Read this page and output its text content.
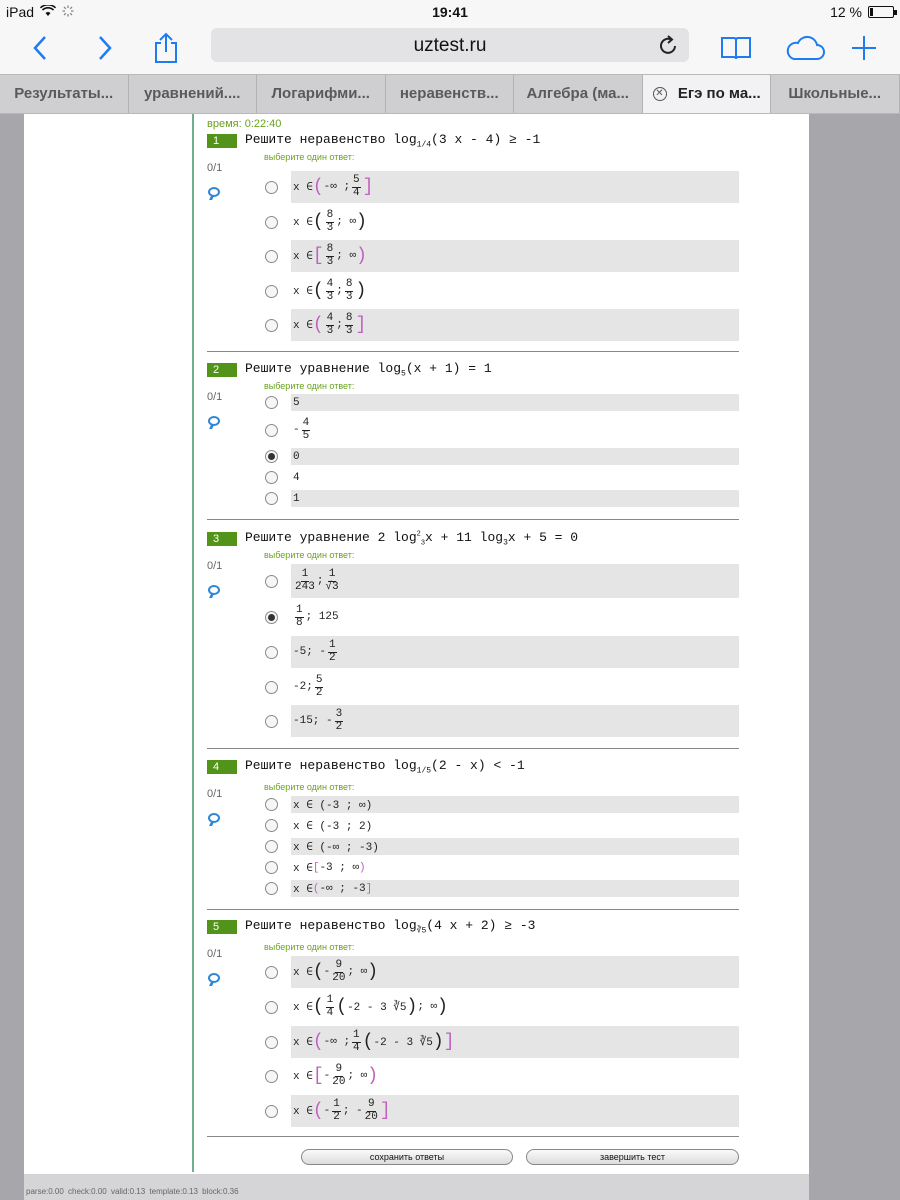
iPad	19:41	12 %
uztest.ru
Результаты...	уравнений....	Логарифми...	неравенств...	Алгебра (ма...	✕ Егэ по ма...	Школьные...
время: 0:22:40
1	Решите неравенство $\log_{1/4}(3$ x - 4) ≥ -1
выберите один ответ:
0/1
x ∈ ( -∞ ; $\frac{5}{4}$ ]
x ∈ ( $\frac{8}{3}$ ; ∞ )
x ∈ [ $\frac{8}{3}$ ; ∞ )
x ∈ ( $\frac{4}{3}$ ; $\frac{8}{3}$ )
x ∈ ( $\frac{4}{3}$ ; $\frac{8}{3}$ ]
2	Решите уравнение $\log_5(x + 1) = 1$
выберите один ответ:
0/1	5
- $\frac{4}{5}$
0
4
1
3	Решите уравнение 2 $\log^2_3x + 11$ $\log_3x + 5 = 0$
выберите один ответ:
0/1
$\frac{1}{243}$ ; $\frac{1}{√3}$
$\frac{1}{8}$ ; 125
-5; - $\frac{1}{2}$
-2; $\frac{5}{2}$
-15; - $\frac{3}{2}$
4	Решите неравенство $\log_{1/5}(2 - x) < -1$
выберите один ответ:
0/1
x ∈ (-3 ; ∞)
x ∈ (-3 ; 2)
x ∈ (-∞ ; -3)
x ∈ [ -3 ; ∞ )
x ∈ ( -∞ ; -3 ]
5	Решите неравенство $\log_{∛5}(4$ x + 2) ≥ -3
выберите один ответ:
0/1
x ∈ ( - $\frac{9}{20}$ ; ∞ )
x ∈ ( $\frac{1}{4}$ ( -2 - 3 ∛5 ) ; ∞ )
x ∈ ( -∞ ; $\frac{1}{4}$ ( -2 - 3 ∛5 ) ]
x ∈ [ - $\frac{9}{20}$ ; ∞ )
x ∈ ( - $\frac{1}{2}$ ; - $\frac{9}{20}$ ]
сохранить ответы	завершить тест
parse:0.00 check:0.00 valid:0.13 template:0.13 block:0.36
